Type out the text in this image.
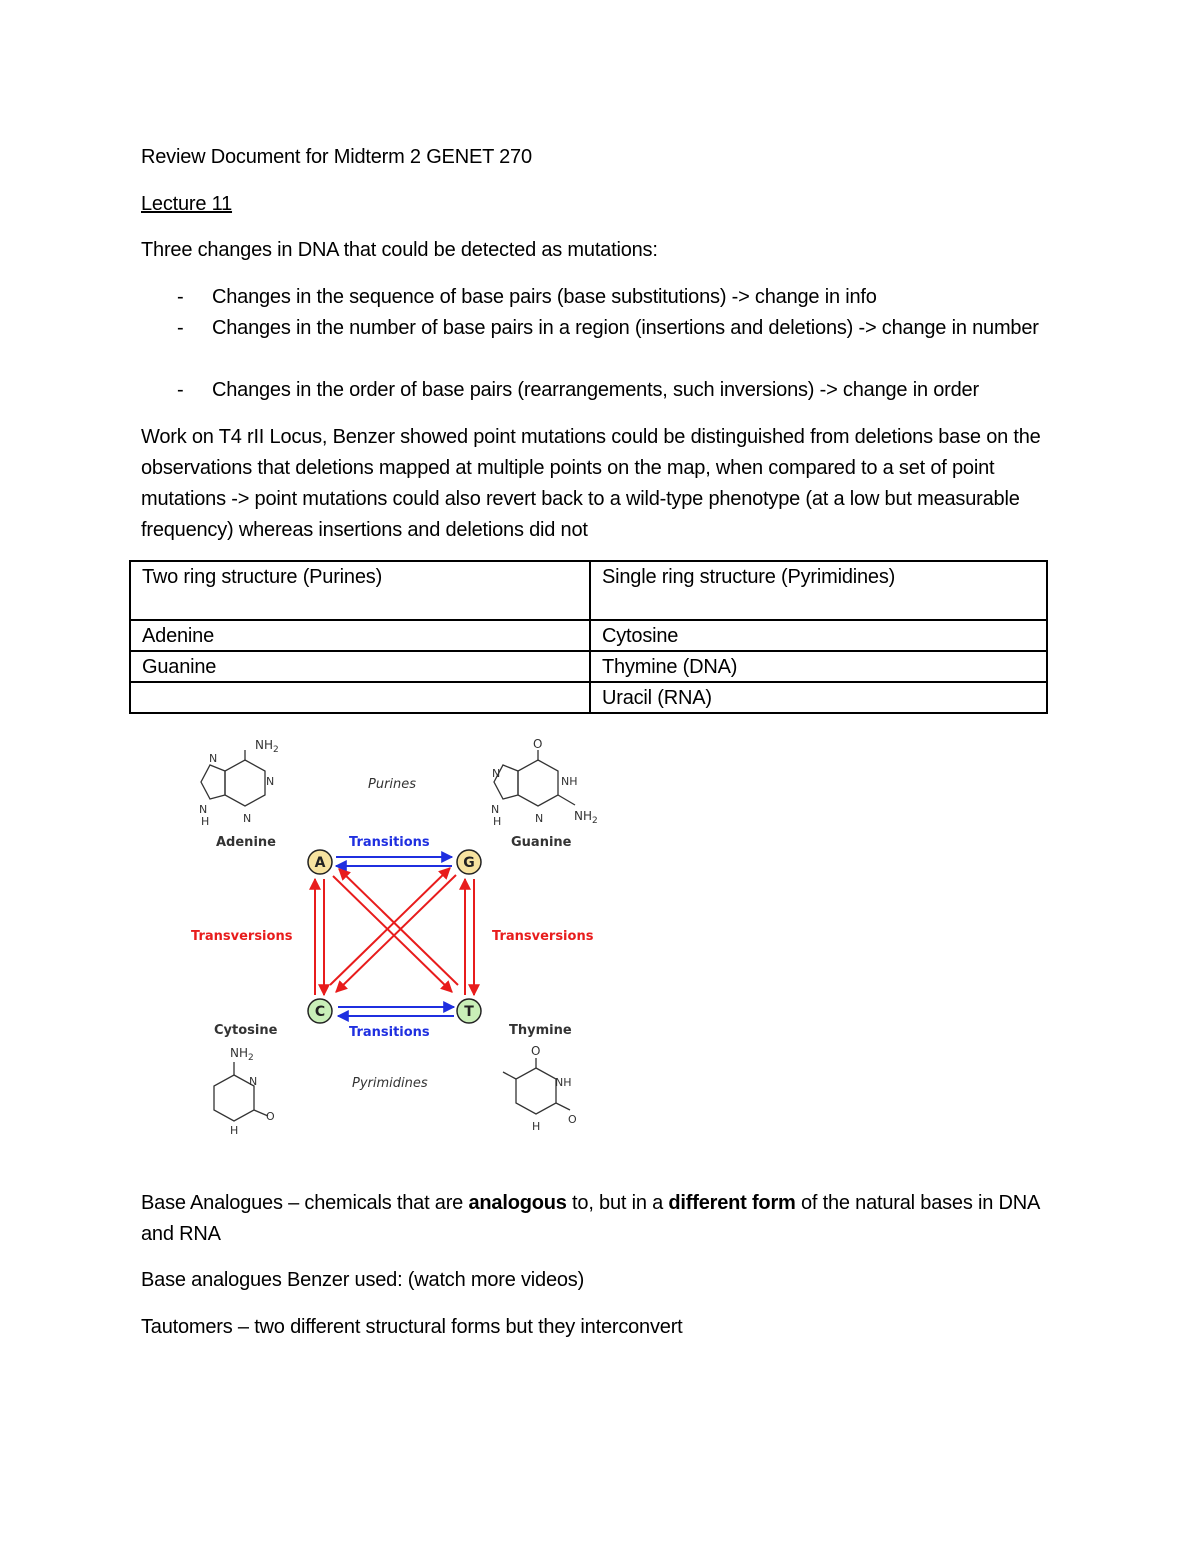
Review Document for Midterm 2 GENET 270
Lecture 11
Three changes in DNA that could be detected as mutations:
- Changes in the sequence of base pairs (base substitutions) -> change in info
- Changes in the number of base pairs in a region (insertions and deletions) -> change in number
- Changes in the order of base pairs (rearrangements, such inversions) -> change in order
Work on T4 rII Locus, Benzer showed point mutations could be distinguished from deletions base on the observations that deletions mapped at multiple points on the map, when compared to a set of point mutations -> point mutations could also revert back to a wild-type phenotype (at a low but measurable frequency) whereas insertions and deletions did not
Two ring structure (Purines)	Single ring structure (Pyrimidines)
Adenine	Cytosine
Guanine	Thymine (DNA)
	Uracil (RNA)
$NH_2$
N
N
N
N
H
O
NH
$NH_2$
N
N
N
H
$NH_2$
N
O
H
O
NH
O
H
Purines
Pyrimidines
Adenine	Guanine
Cytosine	Thymine
Transitions
Transitions
Transversions	Transversions
A	G
C	T
Base Analogues – chemicals that are analogous to, but in a different form of the natural bases in DNA and RNA
Base analogues Benzer used: (watch more videos)
Tautomers – two different structural forms but they interconvert
